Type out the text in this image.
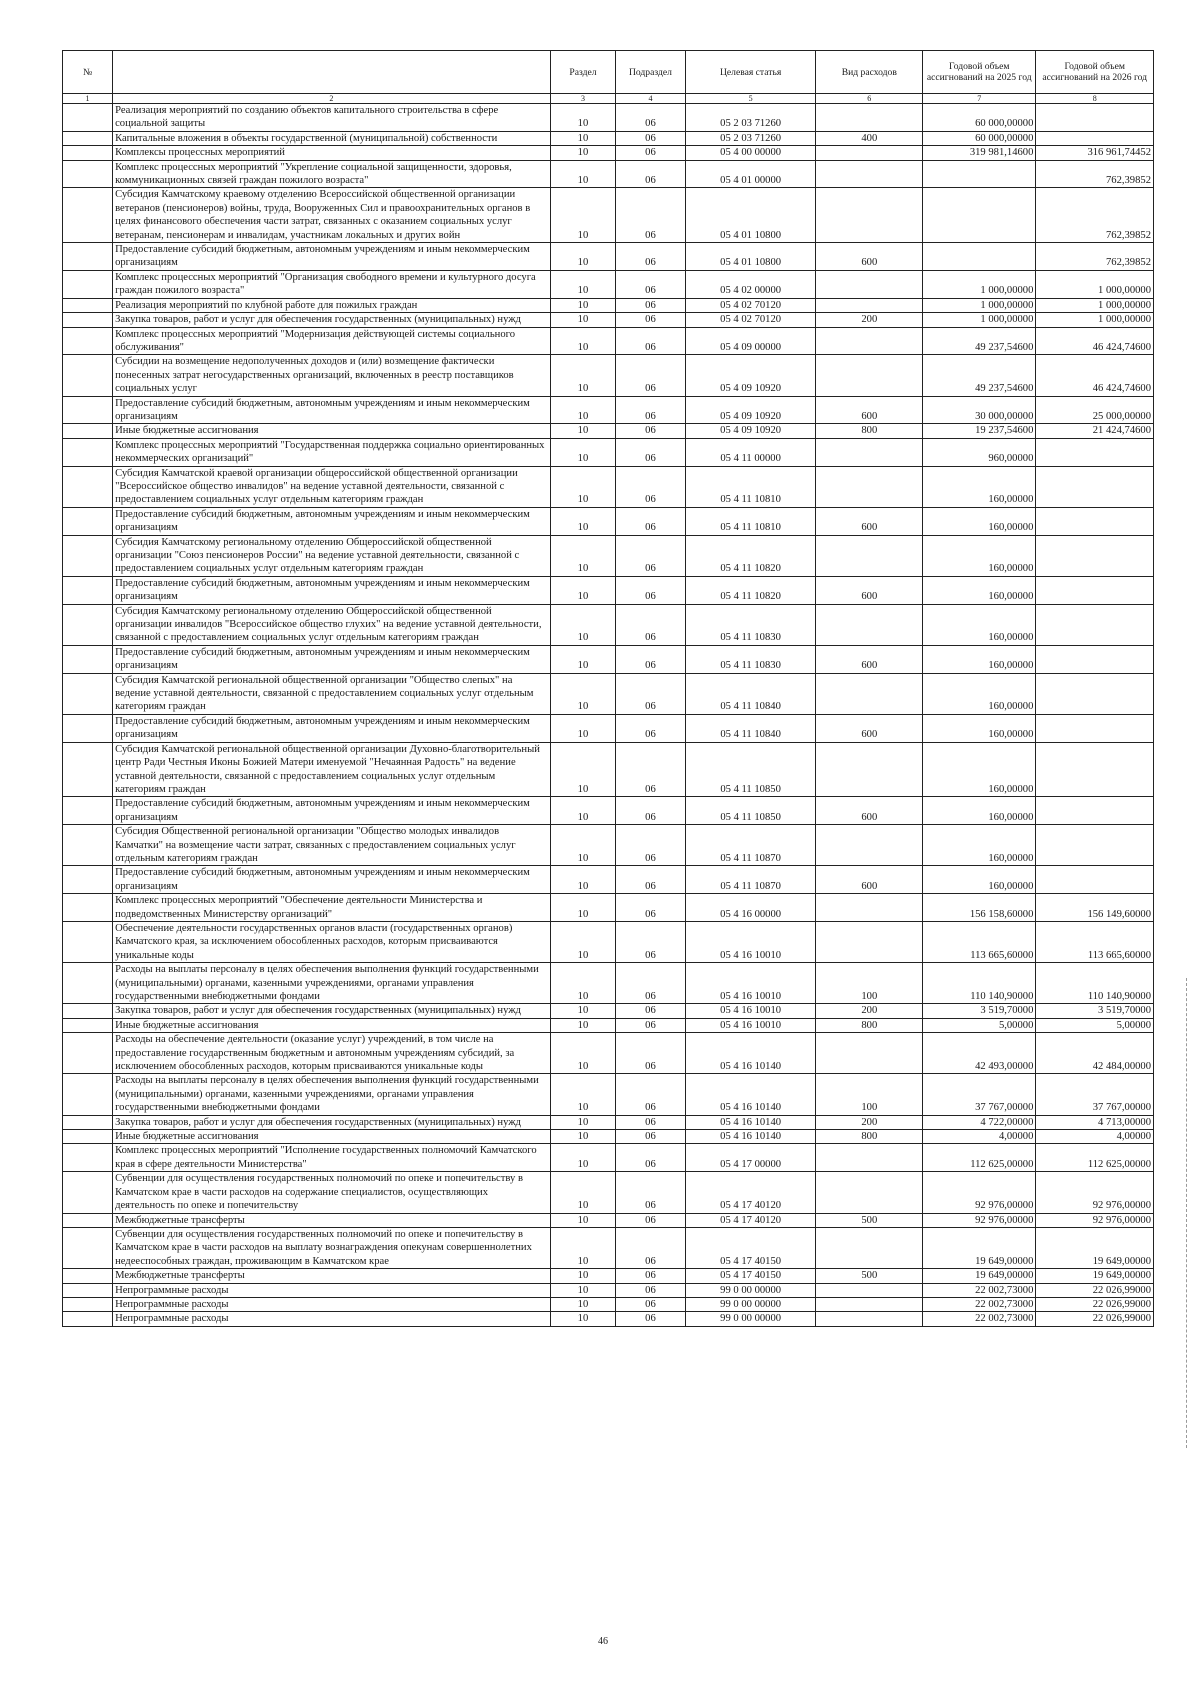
№		Раздел	Подраздел	Целевая статья	Вид расходов	Годовой объем ассигнований на 2025 год	Годовой объем ассигнований на 2026 год
1	2	3	4	5	6	7	8
	Реализация мероприятий по созданию объектов капитального строительства в сфере социальной защиты	10	06	05 2 03 71260		60 000,00000	
	Капитальные вложения в объекты государственной (муниципальной) собственности	10	06	05 2 03 71260	400	60 000,00000	
	Комплексы процессных мероприятий	10	06	05 4 00 00000		319 981,14600	316 961,74452
	Комплекс процессных мероприятий "Укрепление социальной защищенности, здоровья, коммуникационных связей граждан пожилого возраста"	10	06	05 4 01 00000			762,39852
	Субсидия Камчатскому краевому отделению Всероссийской общественной организации ветеранов (пенсионеров) войны, труда, Вооруженных Сил и правоохранительных органов в целях финансового обеспечения части затрат, связанных с оказанием социальных услуг ветеранам, пенсионерам и инвалидам, участникам локальных и других войн	10	06	05 4 01 10800			762,39852
	Предоставление субсидий бюджетным, автономным учреждениям и иным некоммерческим организациям	10	06	05 4 01 10800	600		762,39852
	Комплекс процессных мероприятий "Организация свободного времени и культурного досуга граждан пожилого возраста"	10	06	05 4 02 00000		1 000,00000	1 000,00000
	Реализация мероприятий по клубной работе для пожилых граждан	10	06	05 4 02 70120		1 000,00000	1 000,00000
	Закупка товаров, работ и услуг для обеспечения государственных (муниципальных) нужд	10	06	05 4 02 70120	200	1 000,00000	1 000,00000
	Комплекс процессных мероприятий "Модернизация действующей системы социального обслуживания"	10	06	05 4 09 00000		49 237,54600	46 424,74600
	Субсидии на возмещение недополученных доходов и (или) возмещение фактически понесенных затрат негосударственных организаций, включенных в реестр поставщиков социальных услуг	10	06	05 4 09 10920		49 237,54600	46 424,74600
	Предоставление субсидий бюджетным, автономным учреждениям и иным некоммерческим организациям	10	06	05 4 09 10920	600	30 000,00000	25 000,00000
	Иные бюджетные ассигнования	10	06	05 4 09 10920	800	19 237,54600	21 424,74600
	Комплекс процессных мероприятий "Государственная поддержка социально ориентированных некоммерческих организаций"	10	06	05 4 11 00000		960,00000	
	Субсидия Камчатской краевой организации общероссийской общественной организации "Всероссийское общество инвалидов" на ведение уставной деятельности, связанной с предоставлением социальных услуг отдельным категориям граждан	10	06	05 4 11 10810		160,00000	
	Предоставление субсидий бюджетным, автономным учреждениям и иным некоммерческим организациям	10	06	05 4 11 10810	600	160,00000	
	Субсидия Камчатскому региональному отделению Общероссийской общественной организации "Союз пенсионеров России" на ведение уставной деятельности, связанной с предоставлением социальных услуг отдельным категориям граждан	10	06	05 4 11 10820		160,00000	
	Предоставление субсидий бюджетным, автономным учреждениям и иным некоммерческим организациям	10	06	05 4 11 10820	600	160,00000	
	Субсидия Камчатскому региональному отделению Общероссийской общественной организации инвалидов "Всероссийское общество глухих" на ведение уставной деятельности, связанной с предоставлением социальных услуг отдельным категориям граждан	10	06	05 4 11 10830		160,00000	
	Предоставление субсидий бюджетным, автономным учреждениям и иным некоммерческим организациям	10	06	05 4 11 10830	600	160,00000	
	Субсидия Камчатской региональной общественной организации "Общество слепых" на ведение уставной деятельности, связанной с предоставлением социальных услуг отдельным категориям граждан	10	06	05 4 11 10840		160,00000	
	Предоставление субсидий бюджетным, автономным учреждениям и иным некоммерческим организациям	10	06	05 4 11 10840	600	160,00000	
	Субсидия Камчатской региональной общественной организации Духовно-благотворительный центр Ради Честныя Иконы Божией Матери именуемой "Нечаянная Радость" на ведение уставной деятельности, связанной с предоставлением социальных услуг отдельным категориям граждан	10	06	05 4 11 10850		160,00000	
	Предоставление субсидий бюджетным, автономным учреждениям и иным некоммерческим организациям	10	06	05 4 11 10850	600	160,00000	
	Субсидия Общественной региональной организации "Общество молодых инвалидов Камчатки" на возмещение части затрат, связанных с предоставлением социальных услуг отдельным категориям граждан	10	06	05 4 11 10870		160,00000	
	Предоставление субсидий бюджетным, автономным учреждениям и иным некоммерческим организациям	10	06	05 4 11 10870	600	160,00000	
	Комплекс процессных мероприятий "Обеспечение деятельности Министерства и подведомственных Министерству организаций"	10	06	05 4 16 00000		156 158,60000	156 149,60000
	Обеспечение деятельности государственных органов власти (государственных органов) Камчатского края, за исключением обособленных расходов, которым присваиваются уникальные коды	10	06	05 4 16 10010		113 665,60000	113 665,60000
	Расходы на выплаты персоналу в целях обеспечения выполнения функций государственными (муниципальными) органами, казенными учреждениями, органами управления государственными внебюджетными фондами	10	06	05 4 16 10010	100	110 140,90000	110 140,90000
	Закупка товаров, работ и услуг для обеспечения государственных (муниципальных) нужд	10	06	05 4 16 10010	200	3 519,70000	3 519,70000
	Иные бюджетные ассигнования	10	06	05 4 16 10010	800	5,00000	5,00000
	Расходы на обеспечение деятельности (оказание услуг) учреждений, в том числе на предоставление государственным бюджетным и автономным учреждениям субсидий, за исключением обособленных расходов, которым присваиваются уникальные коды	10	06	05 4 16 10140		42 493,00000	42 484,00000
	Расходы на выплаты персоналу в целях обеспечения выполнения функций государственными (муниципальными) органами, казенными учреждениями, органами управления государственными внебюджетными фондами	10	06	05 4 16 10140	100	37 767,00000	37 767,00000
	Закупка товаров, работ и услуг для обеспечения государственных (муниципальных) нужд	10	06	05 4 16 10140	200	4 722,00000	4 713,00000
	Иные бюджетные ассигнования	10	06	05 4 16 10140	800	4,00000	4,00000
	Комплекс процессных мероприятий "Исполнение государственных полномочий Камчатского края в сфере деятельности Министерства"	10	06	05 4 17 00000		112 625,00000	112 625,00000
	Субвенции для осуществления государственных полномочий по опеке и попечительству в Камчатском крае в части расходов на содержание специалистов, осуществляющих деятельность по опеке и попечительству	10	06	05 4 17 40120		92 976,00000	92 976,00000
	Межбюджетные трансферты	10	06	05 4 17 40120	500	92 976,00000	92 976,00000
	Субвенции для осуществления государственных полномочий по опеке и попечительству в Камчатском крае в части расходов на выплату вознаграждения опекунам совершеннолетних недееспособных граждан, проживающим в Камчатском крае	10	06	05 4 17 40150		19 649,00000	19 649,00000
	Межбюджетные трансферты	10	06	05 4 17 40150	500	19 649,00000	19 649,00000
	Непрограммные расходы	10	06	99 0 00 00000		22 002,73000	22 026,99000
	Непрограммные расходы	10	06	99 0 00 00000		22 002,73000	22 026,99000
	Непрограммные расходы	10	06	99 0 00 00000		22 002,73000	22 026,99000
46
